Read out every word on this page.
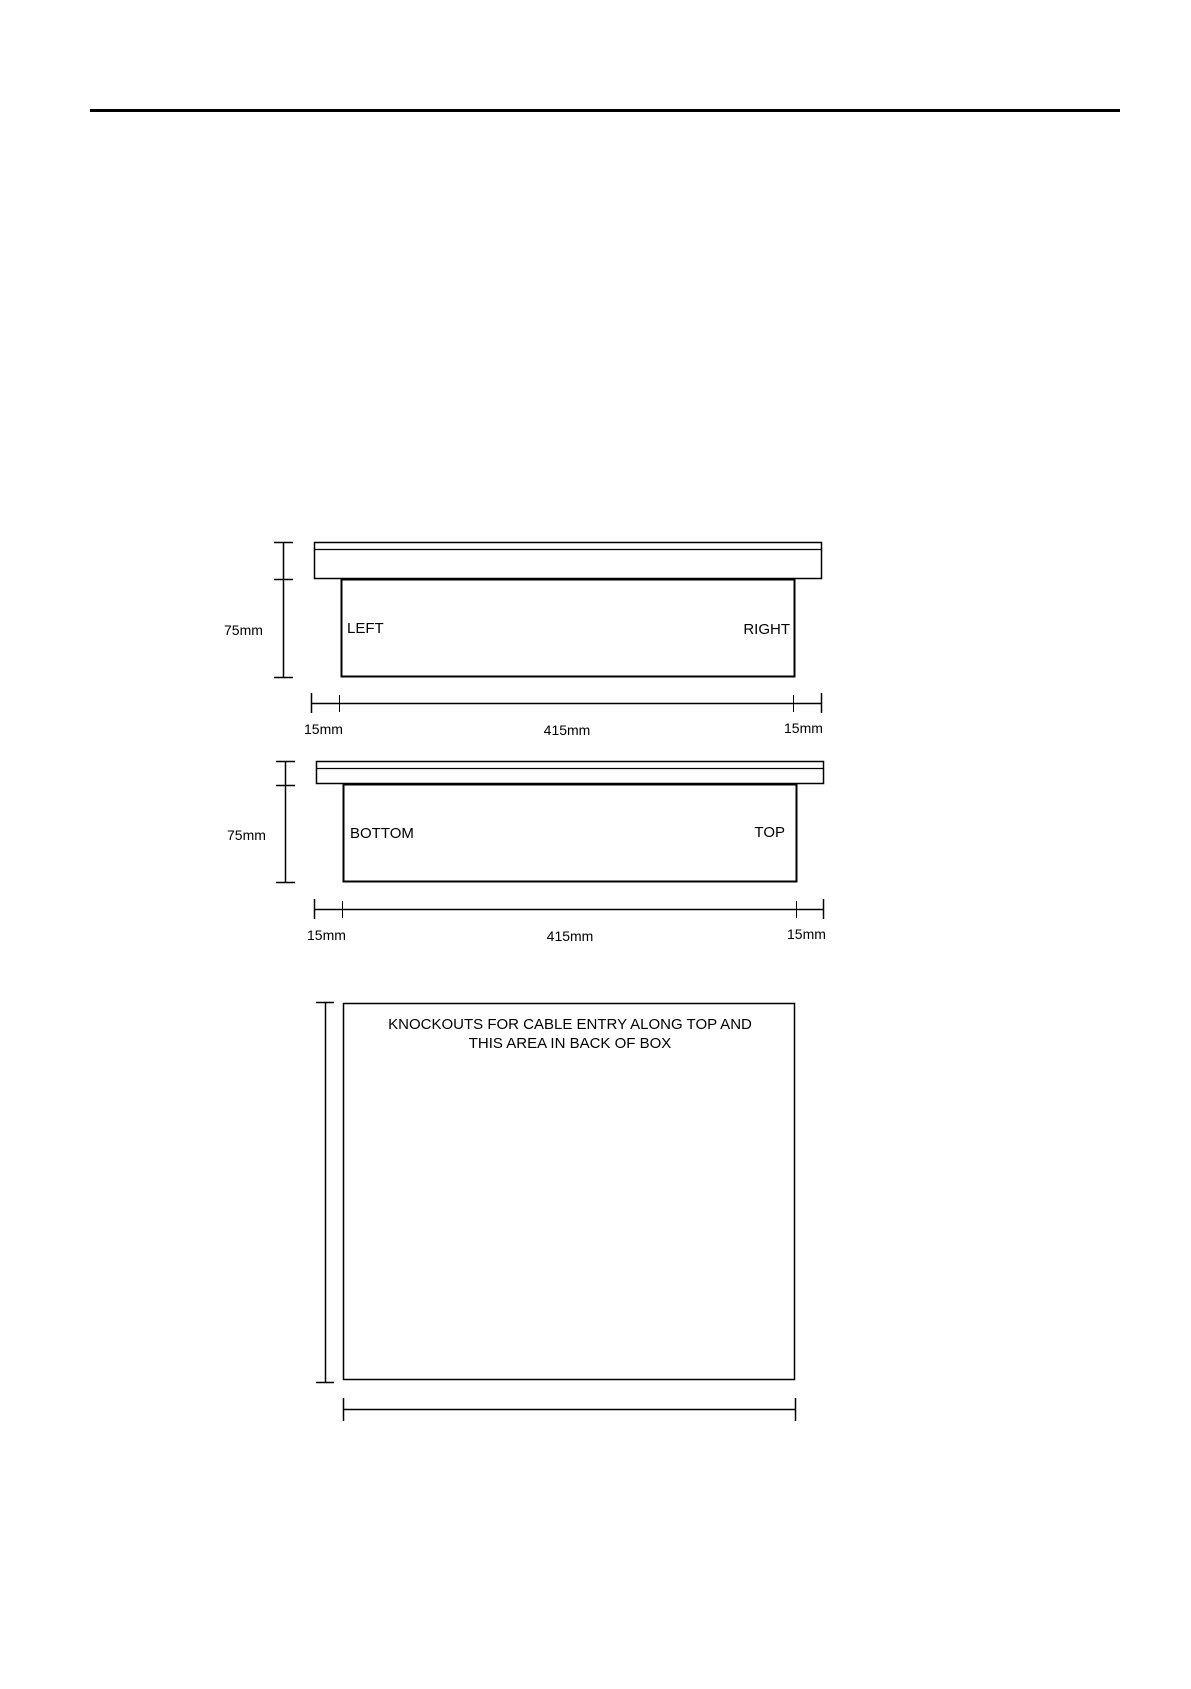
LEFT	RIGHT
75mm
15mm	415mm	15mm
BOTTOM	TOP
75mm
15mm	415mm	15mm
KNOCKOUTS FOR CABLE ENTRY ALONG TOP AND
THIS AREA IN BACK OF BOX
